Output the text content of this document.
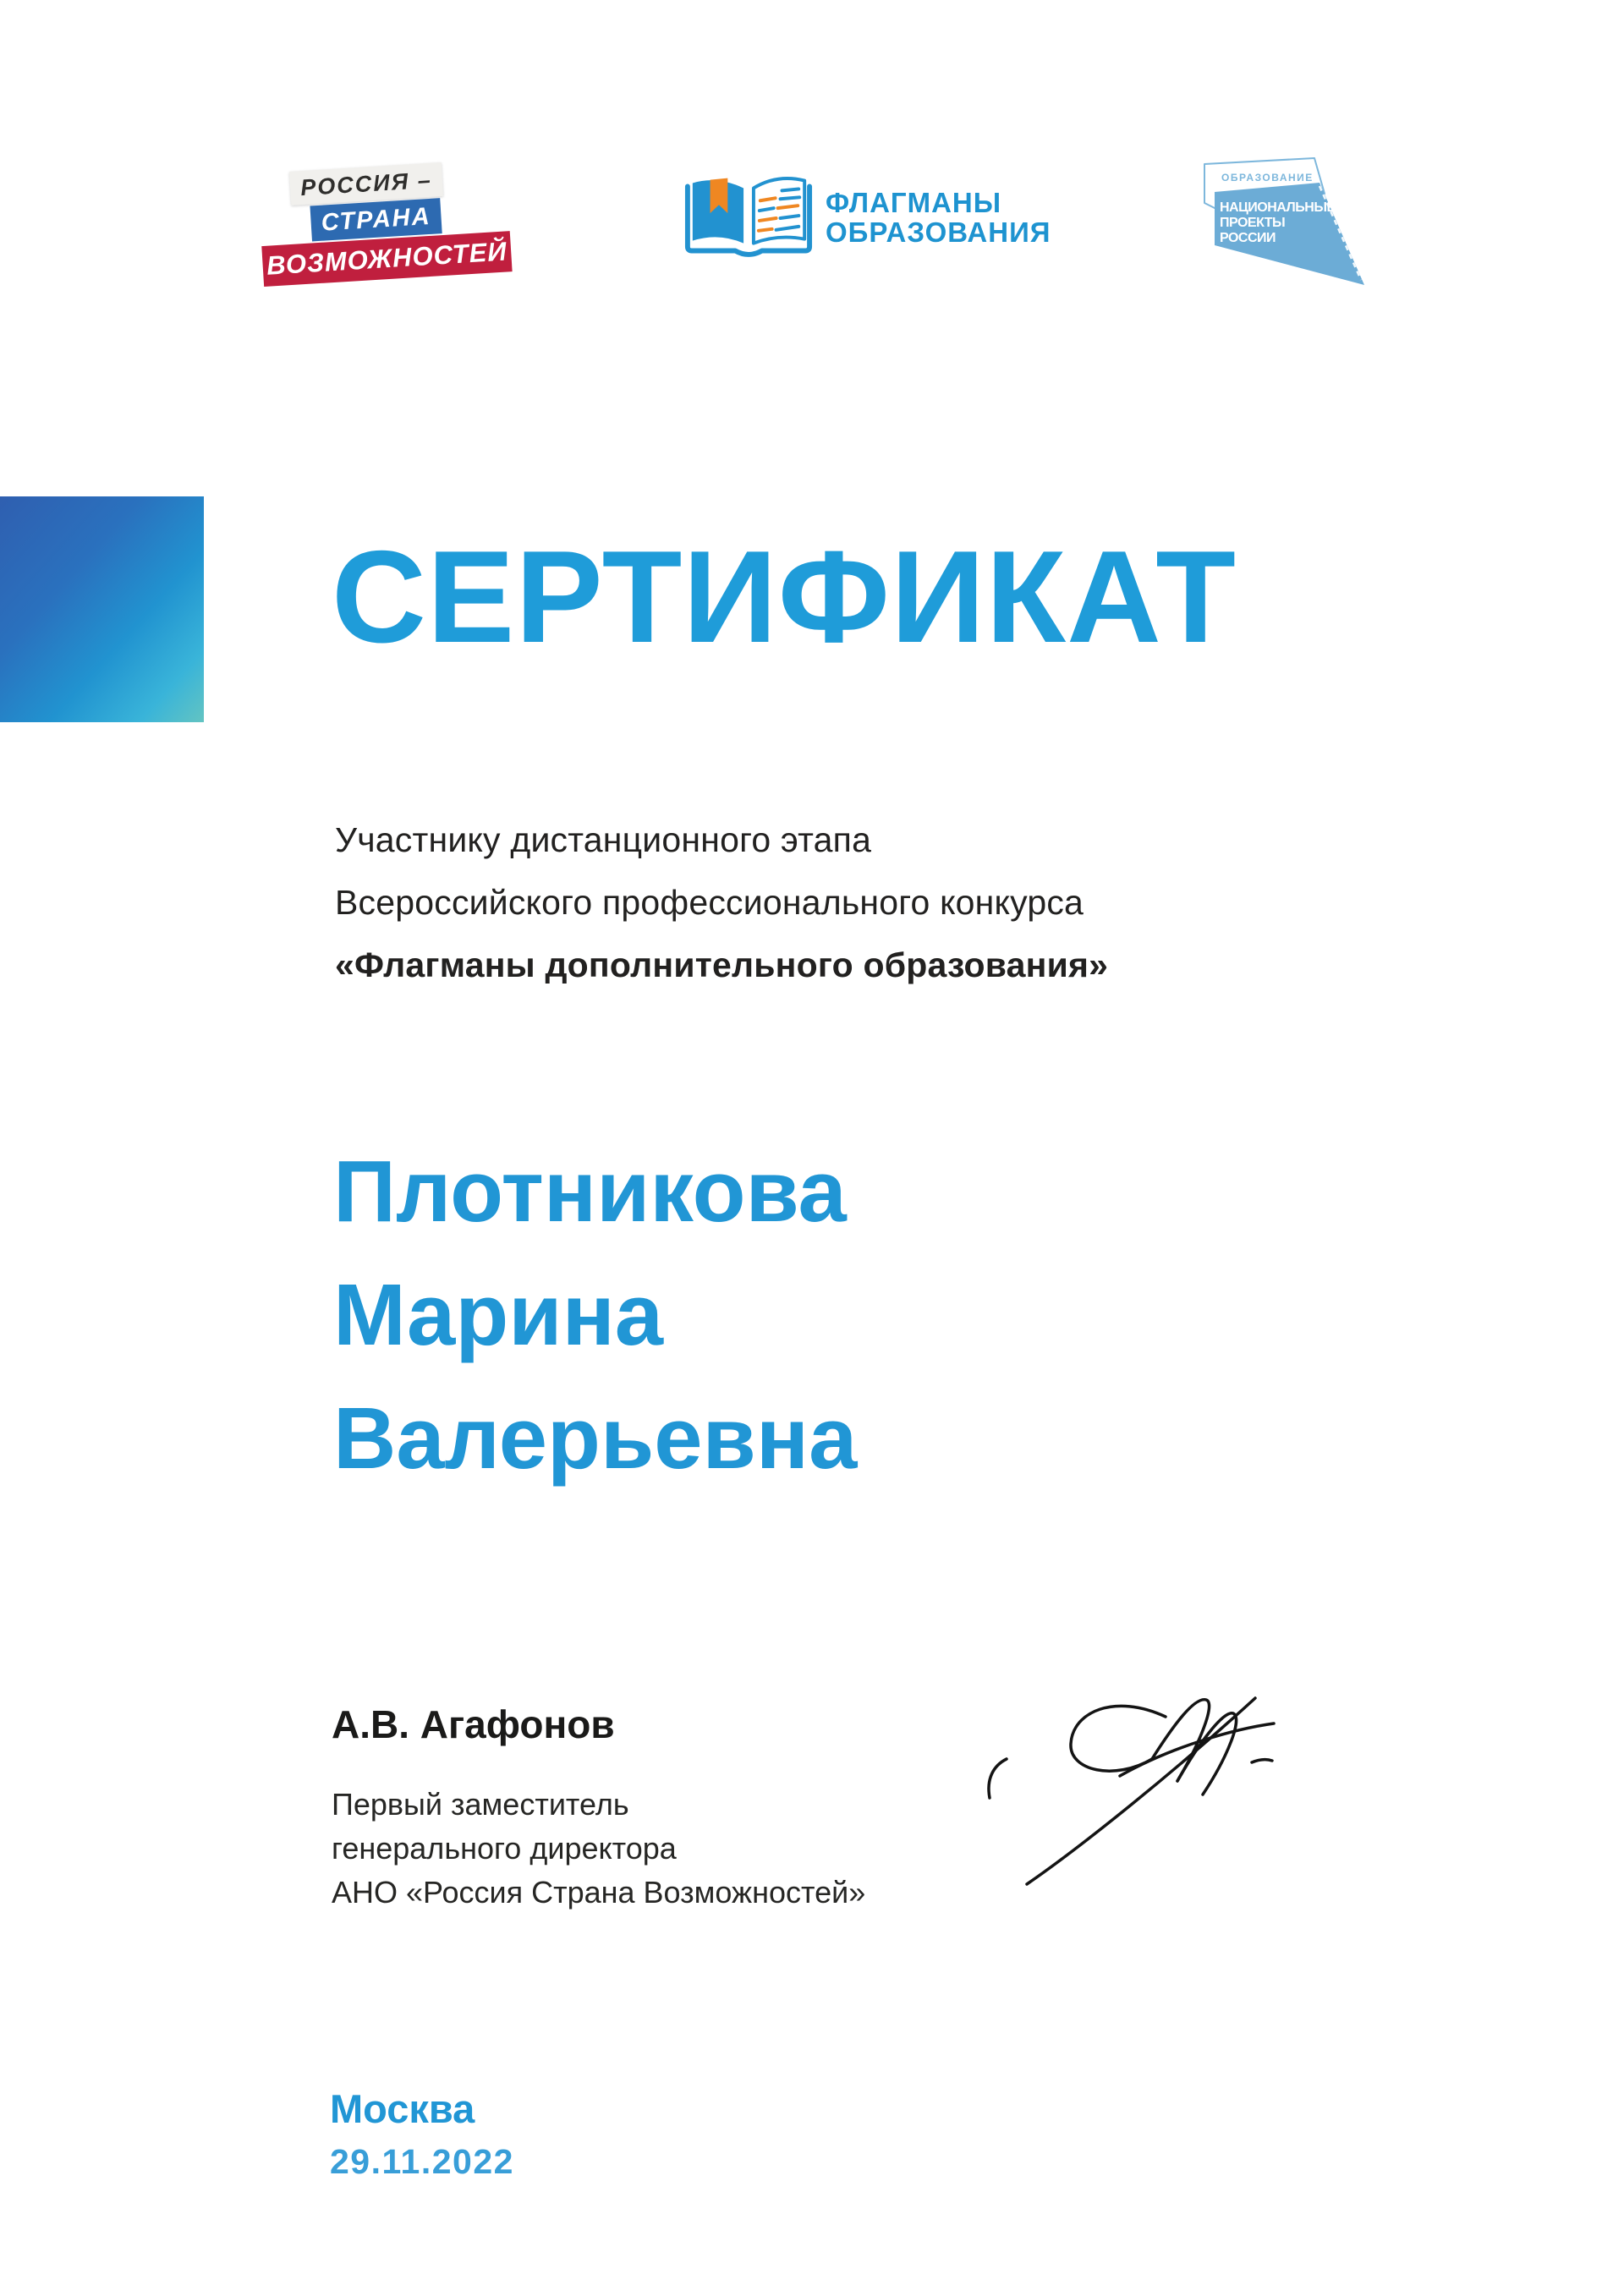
РОССИЯ –
СТРАНА
ВОЗМОЖНОСТЕЙ
ФЛАГМАНЫ
ОБРАЗОВАНИЯ
ОБРАЗОВАНИЕ
НАЦИОНАЛЬНЫЕ
ПРОЕКТЫ
РОССИИ
СЕРТИФИКАТ
Участнику дистанционного этапа
Всероссийского профессионального конкурса
«Флагманы дополнительного образования»
Плотникова
Марина
Валерьевна
А.В. Агафонов
Первый заместитель
генерального директора
АНО «Россия Страна Возможностей»
Москва
29.11.2022
